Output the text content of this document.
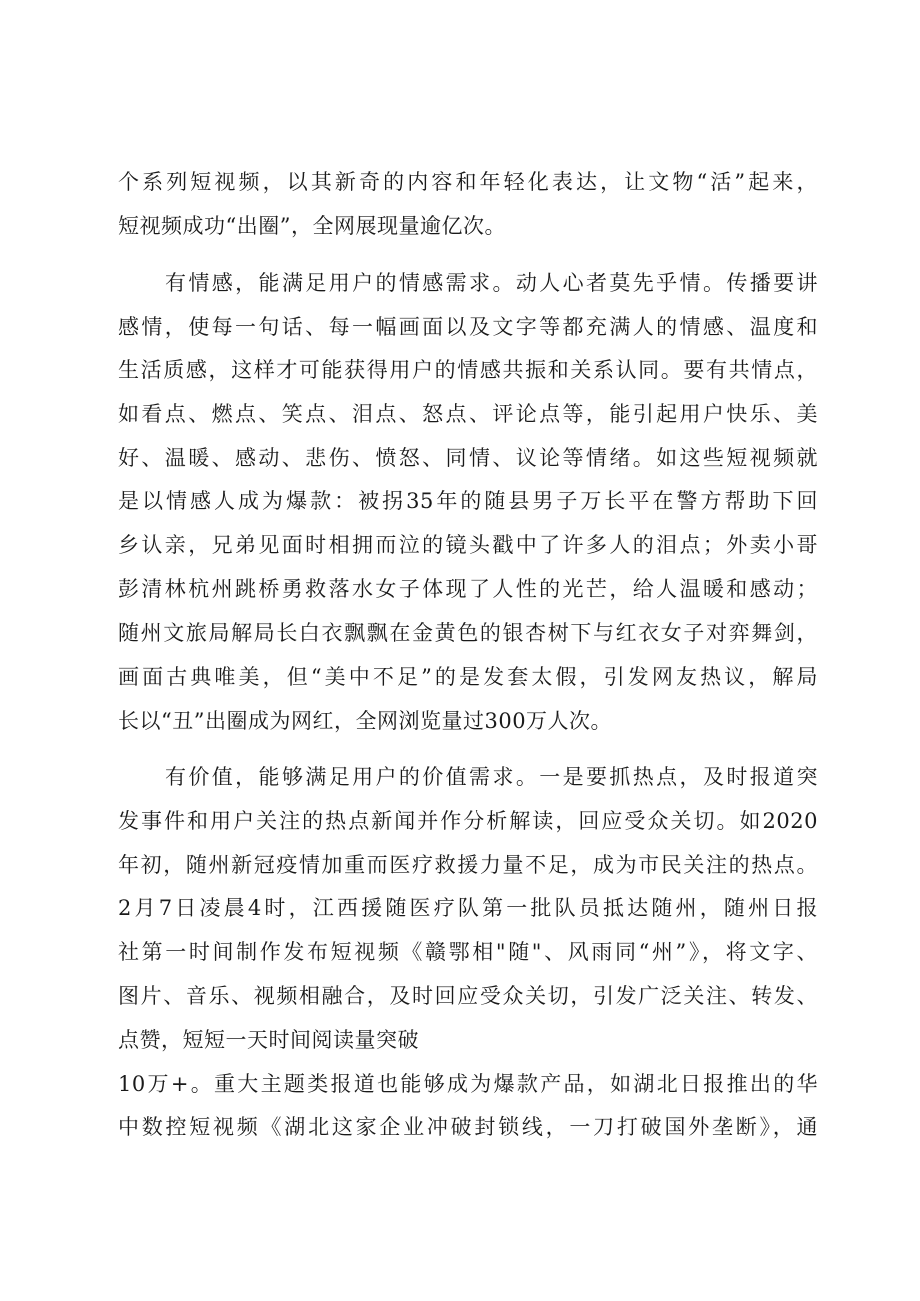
个系列短视频，以其新奇的内容和年轻化表达，让文物“活”起来，
短视频成功“出圈”，全网展现量逾亿次。
有情感，能满足用户的情感需求。动人心者莫先乎情。传播要讲
感情，使每一句话、每一幅画面以及文字等都充满人的情感、温度和
生活质感，这样才可能获得用户的情感共振和关系认同。要有共情点，
如看点、燃点、笑点、泪点、怒点、评论点等，能引起用户快乐、美
好、温暖、感动、悲伤、愤怒、同情、议论等情绪。如这些短视频就
是以情感人成为爆款：被拐35年的随县男子万长平在警方帮助下回
乡认亲，兄弟见面时相拥而泣的镜头戳中了许多人的泪点；外卖小哥
彭清林杭州跳桥勇救落水女子体现了人性的光芒，给人温暖和感动；
随州文旅局解局长白衣飘飘在金黄色的银杏树下与红衣女子对弈舞剑，
画面古典唯美，但“美中不足”的是发套太假，引发网友热议，解局
长以“丑”出圈成为网红，全网浏览量过300万人次。
有价值，能够满足用户的价值需求。一是要抓热点，及时报道突
发事件和用户关注的热点新闻并作分析解读，回应受众关切。如2020
年初，随州新冠疫情加重而医疗救援力量不足，成为市民关注的热点。
2月7日凌晨4时，江西援随医疗队第一批队员抵达随州，随州日报
社第一时间制作发布短视频《赣鄂相"随"、风雨同“州”》，将文字、
图片、音乐、视频相融合，及时回应受众关切，引发广泛关注、转发、
点赞，短短一天时间阅读量突破
10万+。重大主题类报道也能够成为爆款产品，如湖北日报推出的华
中数控短视频《湖北这家企业冲破封锁线，一刀打破国外垄断》，通
